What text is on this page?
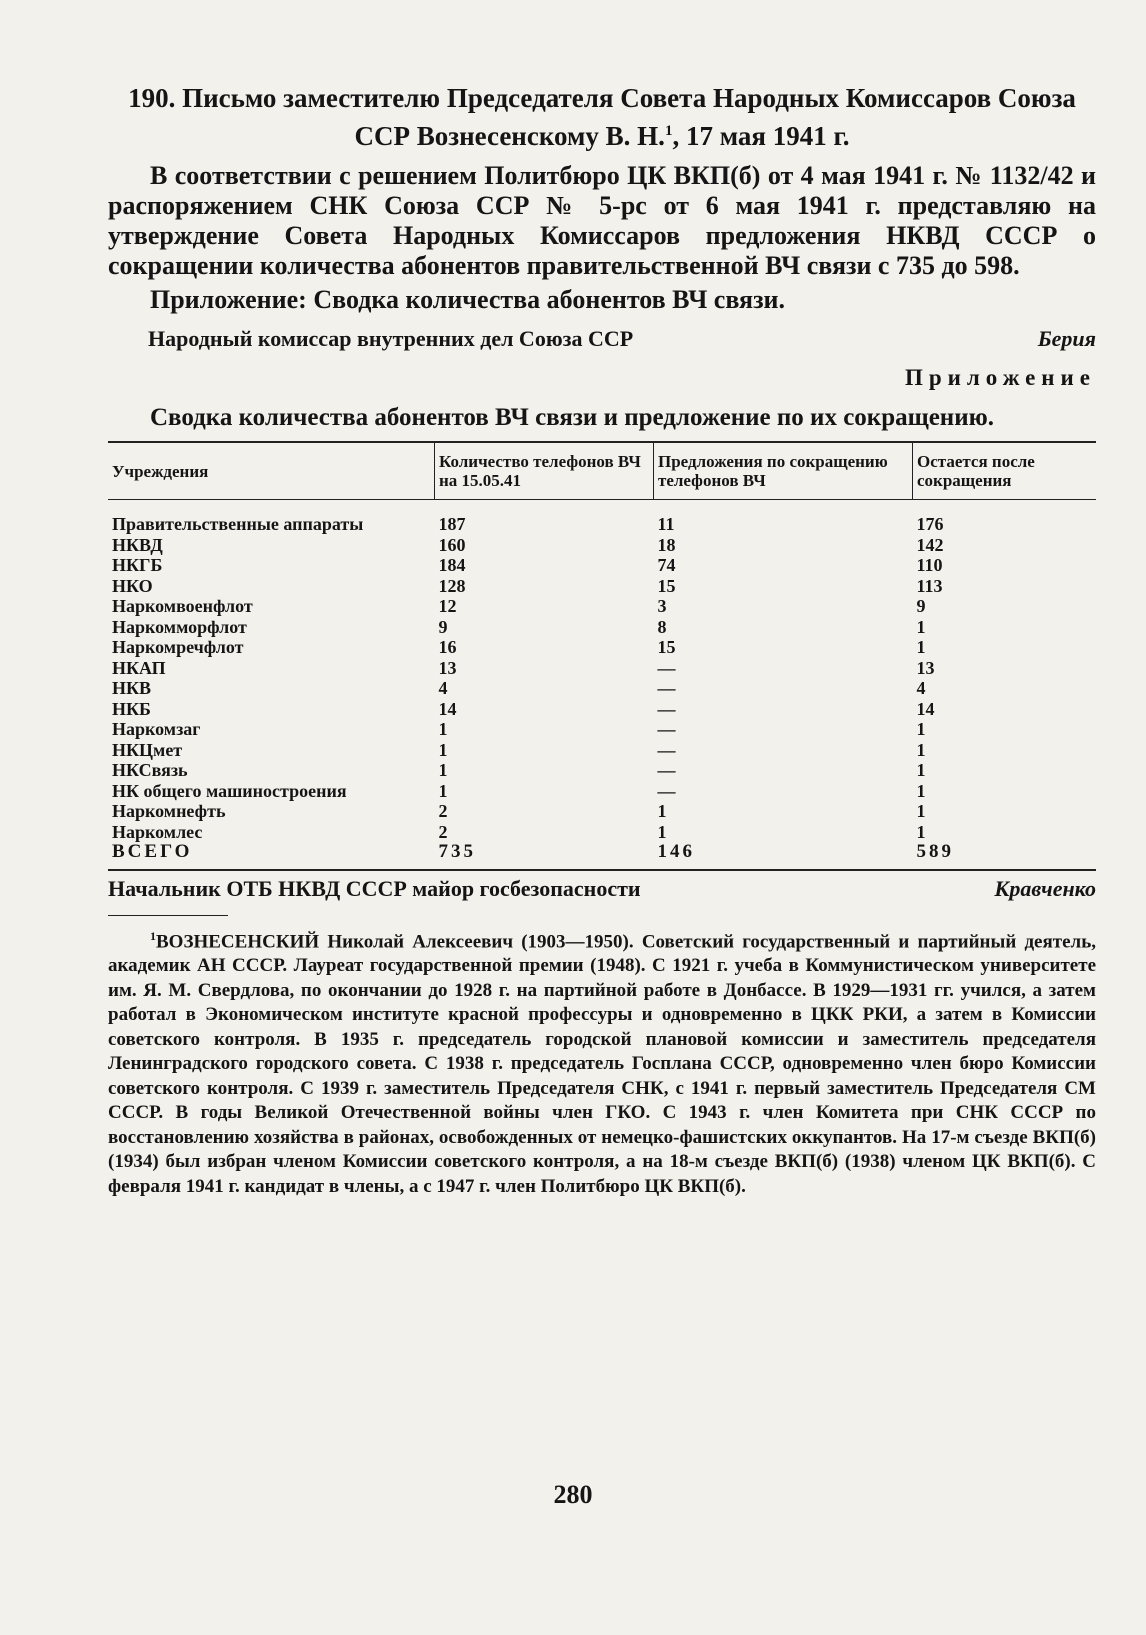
190. Письмо заместителю Председателя Совета Народных Комиссаров Союза ССР Вознесенскому В. Н.$^1$, 17 мая 1941 г.

В соответствии с решением Политбюро ЦК ВКП(б) от 4 мая 1941 г. № 1132/42 и распоряжением СНК Союза ССР № 5-рс от 6 мая 1941 г. представляю на утверждение Совета Народных Комиссаров предложения НКВД СССР о сокращении количества абонентов правительственной ВЧ связи с 735 до 598.

Приложение: Сводка количества абонентов ВЧ связи.

Народный комиссар внутренних дел Союза ССР	Берия
Приложение

Сводка количества абонентов ВЧ связи и предложение по их сокращению.

Учреждения	Количество телефонов ВЧ на 15.05.41	Предложения по сокращению телефонов ВЧ	Остается после сокращения
Правительственные аппараты	187	11	176
НКВД	160	18	142
НКГБ	184	74	110
НКО	128	15	113
Наркомвоенфлот	12	3	9
Наркомморфлот	9	8	1
Наркомречфлот	16	15	1
НКАП	13	—	13
НКВ	4	—	4
НКБ	14	—	14
Наркомзаг	1	—	1
НКЦмет	1	—	1
НКСвязь	1	—	1
НК общего машиностроения	1	—	1
Наркомнефть	2	1	1
Наркомлес	2	1	1
ВСЕГО	735	146	589
Начальник ОТБ НКВД СССР майор госбезопасности	Кравченко

$^1$ВОЗНЕСЕНСКИЙ Николай Алексеевич (1903—1950). Советский государственный и партийный деятель, академик АН СССР. Лауреат государственной премии (1948). С 1921 г. учеба в Коммунистическом университете им. Я. М. Свердлова, по окончании до 1928 г. на партийной работе в Донбассе. В 1929—1931 гг. учился, а затем работал в Экономическом институте красной профессуры и одновременно в ЦКК РКИ, а затем в Комиссии советского контроля. В 1935 г. председатель городской плановой комиссии и заместитель председателя Ленинградского городского совета. С 1938 г. председатель Госплана СССР, одновременно член бюро Комиссии советского контроля. С 1939 г. заместитель Председателя СНК, с 1941 г. первый заместитель Председателя СМ СССР. В годы Великой Отечественной войны член ГКО. С 1943 г. член Комитета при СНК СССР по восстановлению хозяйства в районах, освобожденных от немецко-фашистских оккупантов. На 17-м съезде ВКП(б) (1934) был избран членом Комиссии советского контроля, а на 18-м съезде ВКП(б) (1938) членом ЦК ВКП(б). С февраля 1941 г. кандидат в члены, а с 1947 г. член Политбюро ЦК ВКП(б).

280
